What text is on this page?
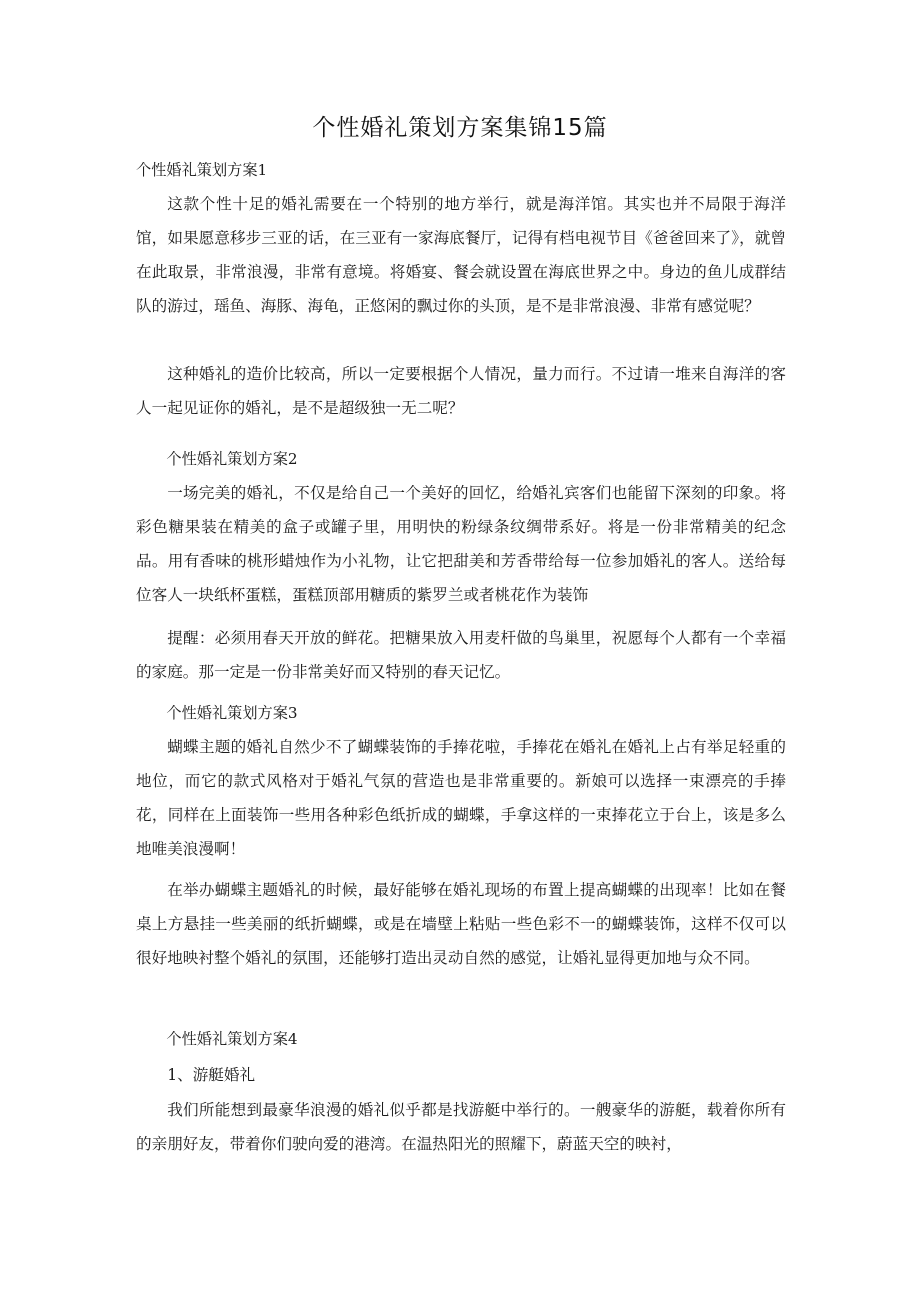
个性婚礼策划方案集锦15篇

个性婚礼策划方案1

这款个性十足的婚礼需要在一个特别的地方举行，就是海洋馆。其实也并不局限于海洋馆，如果愿意移步三亚的话，在三亚有一家海底餐厅，记得有档电视节目《爸爸回来了》，就曾在此取景，非常浪漫，非常有意境。将婚宴、餐会就设置在海底世界之中。身边的鱼儿成群结队的游过，瑶鱼、海豚、海龟，正悠闲的飘过你的头顶，是不是非常浪漫、非常有感觉呢？

这种婚礼的造价比较高，所以一定要根据个人情况，量力而行。不过请一堆来自海洋的客人一起见证你的婚礼，是不是超级独一无二呢？

个性婚礼策划方案2

一场完美的婚礼，不仅是给自己一个美好的回忆，给婚礼宾客们也能留下深刻的印象。将彩色糖果装在精美的盒子或罐子里，用明快的粉绿条纹绸带系好。将是一份非常精美的纪念品。用有香味的桃形蜡烛作为小礼物，让它把甜美和芳香带给每一位参加婚礼的客人。送给每位客人一块纸杯蛋糕，蛋糕顶部用糖质的紫罗兰或者桃花作为装饰

提醒：必须用春天开放的鲜花。把糖果放入用麦杆做的鸟巢里，祝愿每个人都有一个幸福的家庭。那一定是一份非常美好而又特别的春天记忆。

个性婚礼策划方案3

蝴蝶主题的婚礼自然少不了蝴蝶装饰的手捧花啦，手捧花在婚礼在婚礼上占有举足轻重的地位，而它的款式风格对于婚礼气氛的营造也是非常重要的。新娘可以选择一束漂亮的手捧花，同样在上面装饰一些用各种彩色纸折成的蝴蝶，手拿这样的一束捧花立于台上，该是多么地唯美浪漫啊！

在举办蝴蝶主题婚礼的时候，最好能够在婚礼现场的布置上提高蝴蝶的出现率！比如在餐桌上方悬挂一些美丽的纸折蝴蝶，或是在墙壁上粘贴一些色彩不一的蝴蝶装饰，这样不仅可以很好地映衬整个婚礼的氛围，还能够打造出灵动自然的感觉，让婚礼显得更加地与众不同。

个性婚礼策划方案4

1、游艇婚礼

我们所能想到最豪华浪漫的婚礼似乎都是找游艇中举行的。一艘豪华的游艇，载着你所有的亲朋好友，带着你们驶向爱的港湾。在温热阳光的照耀下，蔚蓝天空的映衬，
